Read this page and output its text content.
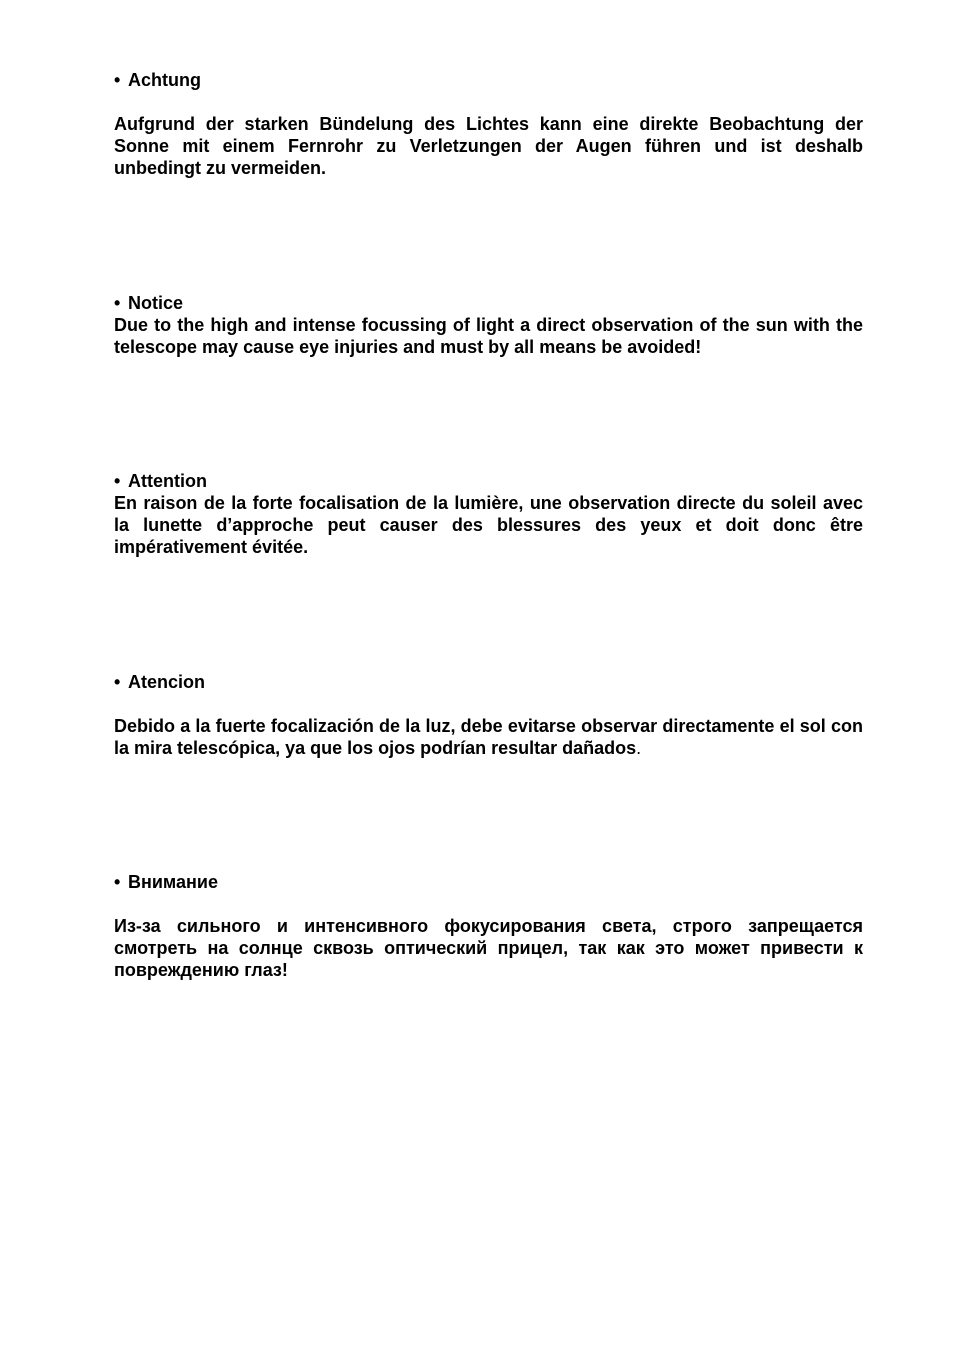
• Achtung

Aufgrund der starken Bündelung des Lichtes kann eine direkte Beobachtung der Sonne mit einem Fernrohr zu Verletzungen der Augen führen und ist deshalb unbedingt zu vermeiden.

• Notice

Due to the high and intense focussing of light a direct observation of the sun with the telescope may cause eye injuries and must by all means be avoided!

• Attention

En raison de la forte focalisation de la lumière, une observation directe du soleil avec la lunette d’approche peut causer des blessures des yeux et doit donc être impérativement évitée.

• Atencion

Debido a la fuerte focalización de la luz, debe evitarse observar directamente el sol con la mira telescópica, ya que los ojos podrían resultar dañados.

• Внимание

Из-за сильного и интенсивного фокусирования света, строго запрещается смотреть на солнце сквозь оптический прицел, так как это может привести к повреждению глаз!
